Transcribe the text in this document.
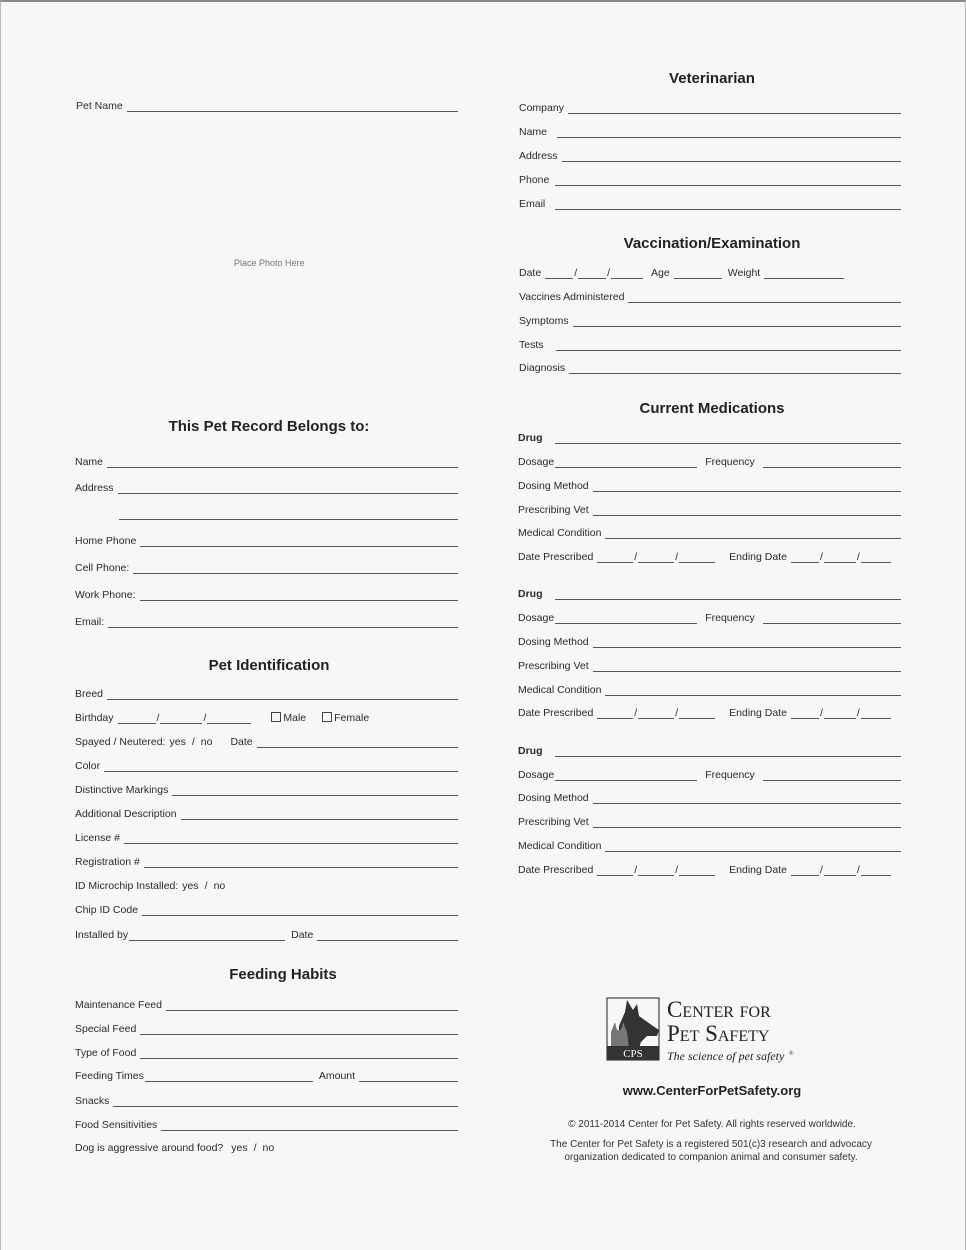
Pet Name
Place Photo Here
This Pet Record Belongs to:
Name
Address
Home Phone
Cell Phone:
Work Phone:
Email:
Pet Identification
Breed
Birthday	/	/	Male	Female
Spayed / Neutered: yes / no Date
Color
Distinctive Markings
Additional Description
License #
Registration #
ID Microchip Installed: yes / no
Chip ID Code
Installed by	Date
Feeding Habits
Maintenance Feed
Special Feed
Type of Food
Feeding Times	Amount
Snacks
Food Sensitivities
Dog is aggressive around food? yes / no
Veterinarian
Company
Name
Address
Phone
Email
Vaccination/Examination
Date	/	/	Age	Weight
Vaccines Administered
Symptoms
Tests
Diagnosis
Current Medications
Drug
Dosage	Frequency
Dosing Method
Prescribing Vet
Medical Condition
Date Prescribed	/	/	Ending Date	/	/
Drug
Dosage	Frequency
Dosing Method
Prescribing Vet
Medical Condition
Date Prescribed	/	/	Ending Date	/	/
Drug
Dosage	Frequency
Dosing Method
Prescribing Vet
Medical Condition
Date Prescribed	/	/	Ending Date	/	/
CPS
Center for
Pet Safety
The science of pet safety ®
www.CenterForPetSafety.org
© 2011-2014 Center for Pet Safety. All rights reserved worldwide.
The Center for Pet Safety is a registered 501(c)3 research and advocacy
organization dedicated to companion animal and consumer safety.
